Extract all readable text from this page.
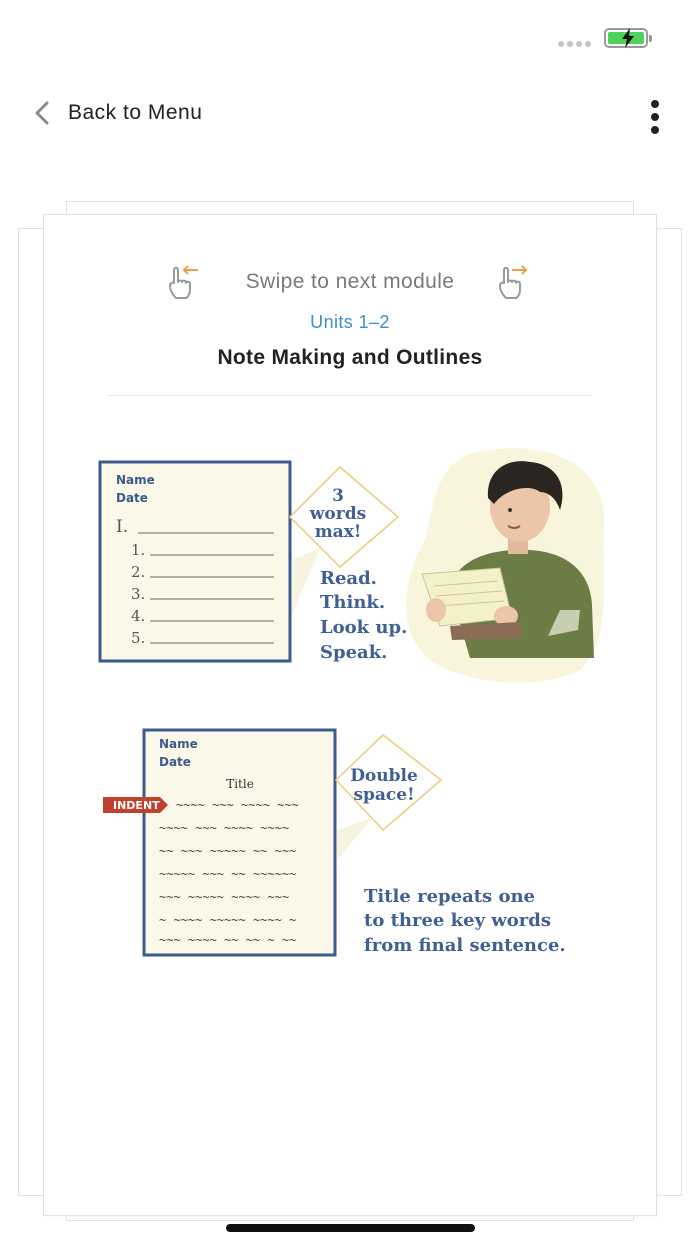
Back to Menu
Swipe to next module
Units 1–2
Note Making and Outlines
Name
Date
I.
1.
2.
3.
4.
5.
3
words
max!
Read.
Think.
Look up.
Speak.
Name
Date
Title
~~~~ ~~~ ~~~~ ~~~
~~~~ ~~~ ~~~~ ~~~~
~~ ~~~ ~~~~~ ~~ ~~~
~~~~~ ~~~ ~~ ~~~~~~
~~~ ~~~~~ ~~~~ ~~~
~ ~~~~ ~~~~~ ~~~~ ~
~~~ ~~~~ ~~ ~~ ~ ~~
INDENT
Double
space!
Title repeats one
to three key words
from final sentence.
